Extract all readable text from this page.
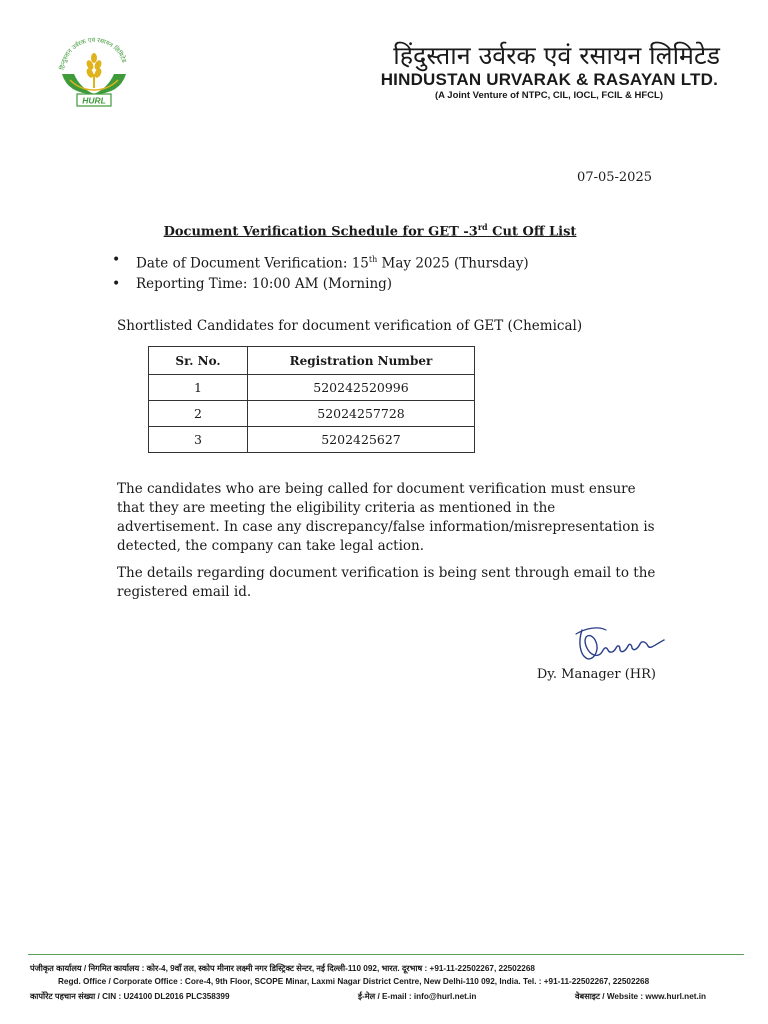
हिन्दुस्तान उर्वरक एवं रसायन लिमिटेड
HURL
हिंदुस्तान उर्वरक एवं रसायन लिमिटेड
HINDUSTAN URVARAK & RASAYAN LTD.
(A Joint Venture of NTPC, CIL, IOCL, FCIL & HFCL)
07-05-2025
Document Verification Schedule for GET -3rd Cut Off List
• Date of Document Verification: 15th May 2025 (Thursday)
• Reporting Time: 10:00 AM (Morning)
Shortlisted Candidates for document verification of GET (Chemical)
Sr. No.	Registration Number
1	520242520996
2	52024257728
3	5202425627
The candidates who are being called for document verification must ensure that they are meeting the eligibility criteria as mentioned in the advertisement. In case any discrepancy/false information/misrepresentation is detected, the company can take legal action.
The details regarding document verification is being sent through email to the registered email id.
Dy. Manager (HR)
पंजीकृत कार्यालय / निगमित कार्यालय : कोर-4, 9वाँ तल, स्कोप मीनार लक्ष्मी नगर डिस्ट्रिक्ट सेन्टर, नई दिल्ली-110 092, भारत. दूरभाष : +91-11-22502267, 22502268
Regd. Office / Corporate Office : Core-4, 9th Floor, SCOPE Minar, Laxmi Nagar District Centre, New Delhi-110 092, India. Tel. : +91-11-22502267, 22502268
कार्पोरेट पहचान संख्या / CIN : U24100 DL2016 PLC358399	ई-मेल / E-mail : info@hurl.net.in	वेबसाइट / Website : www.hurl.net.in
